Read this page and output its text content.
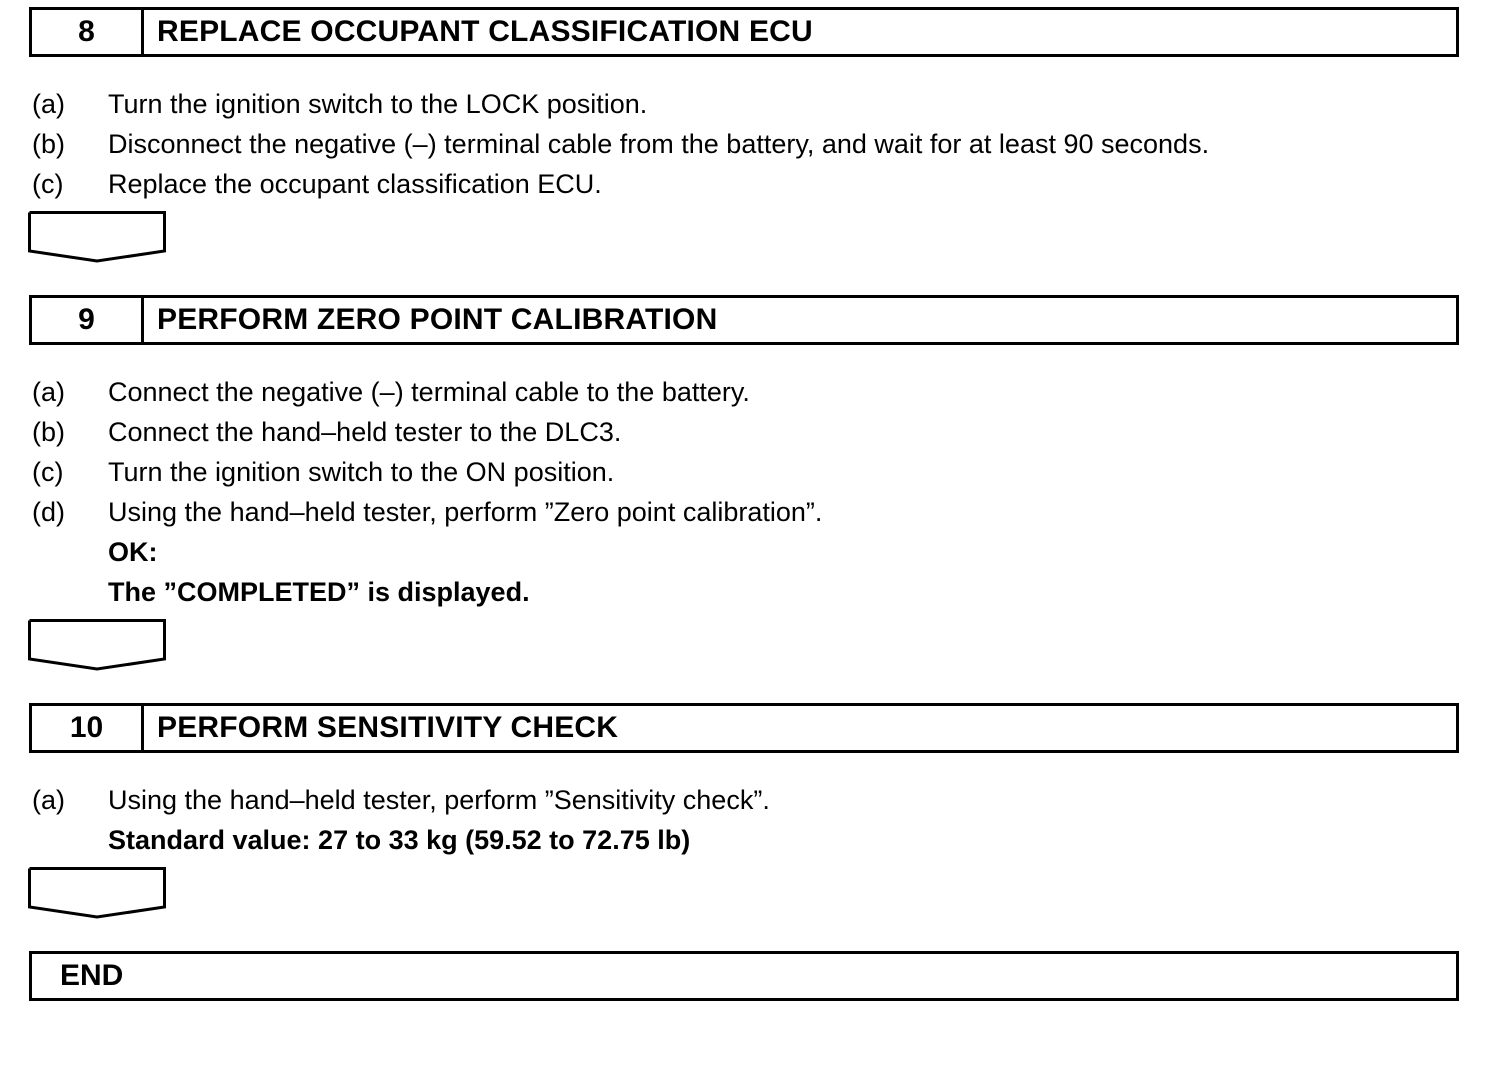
8	REPLACE OCCUPANT CLASSIFICATION ECU
(a) Turn the ignition switch to the LOCK position.
(b) Disconnect the negative (–) terminal cable from the battery, and wait for at least 90 seconds.
(c) Replace the occupant classification ECU.
9	PERFORM ZERO POINT CALIBRATION
(a) Connect the negative (–) terminal cable to the battery.
(b) Connect the hand–held tester to the DLC3.
(c) Turn the ignition switch to the ON position.
(d) Using the hand–held tester, perform ”Zero point calibration”.
OK:
The ”COMPLETED” is displayed.
10	PERFORM SENSITIVITY CHECK
(a) Using the hand–held tester, perform ”Sensitivity check”.
Standard value: 27 to 33 kg (59.52 to 72.75 lb)
END
